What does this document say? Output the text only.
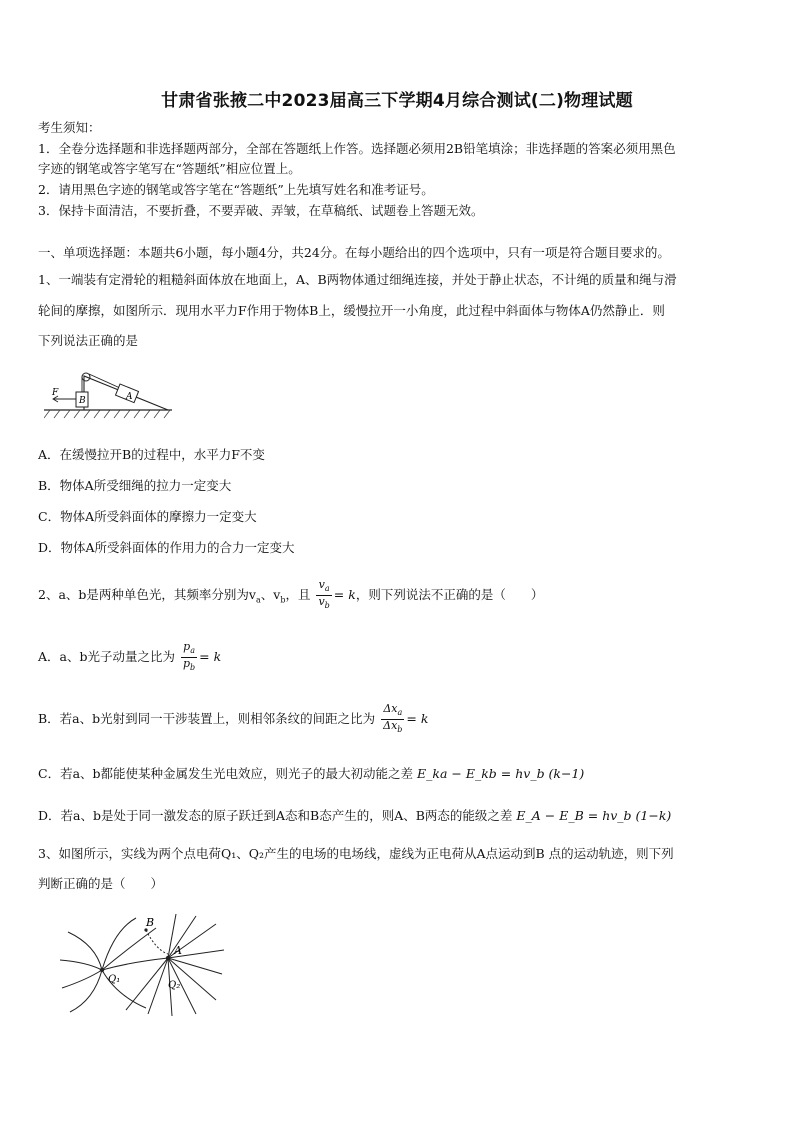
甘肃省张掖二中2023届高三下学期4月综合测试(二)物理试题
考生须知：
1．全卷分选择题和非选择题两部分，全部在答题纸上作答。选择题必须用2B铅笔填涂；非选择题的答案必须用黑色
字迹的钢笔或答字笔写在“答题纸”相应位置上。
2．请用黑色字迹的钢笔或答字笔在“答题纸”上先填写姓名和准考证号。
3．保持卡面清洁，不要折叠，不要弄破、弄皱，在草稿纸、试题卷上答题无效。
一、单项选择题：本题共6小题，每小题4分，共24分。在每小题给出的四个选项中，只有一项是符合题目要求的。
1、一端装有定滑轮的粗糙斜面体放在地面上，A、B两物体通过细绳连接，并处于静止状态，不计绳的质量和绳与滑
轮间的摩擦，如图所示．现用水平力F作用于物体B上，缓慢拉开一小角度，此过程中斜面体与物体A仍然静止．则
下列说法正确的是
F
B	A
A．在缓慢拉开B的过程中，水平力F不变
B．物体A所受细绳的拉力一定变大
C．物体A所受斜面体的摩擦力一定变大
D．物体A所受斜面体的作用力的合力一定变大
2、a、b是两种单色光，其频率分别为$v_a$、$v_b$，且 $\frac{v_a}{v_b} = k$，则下列说法不正确的是（　　）
A．a、b光子动量之比为 $\frac{p_a}{p_b} = k$
B．若a、b光射到同一干涉装置上，则相邻条纹的间距之比为 $\frac{\Delta x_a}{\Delta x_b} = k$
C．若a、b都能使某种金属发生光电效应，则光子的最大初动能之差 E_ka − E_kb = hv_b (k−1)
D．若a、b是处于同一激发态的原子跃迁到A态和B态产生的，则A、B两态的能级之差 E_A − E_B = hv_b (1−k)
3、如图所示，实线为两个点电荷Q₁、Q₂产生的电场的电场线，虚线为正电荷从A点运动到B 点的运动轨迹，则下列
判断正确的是（　　）
B
A
Q₁
Q₂
